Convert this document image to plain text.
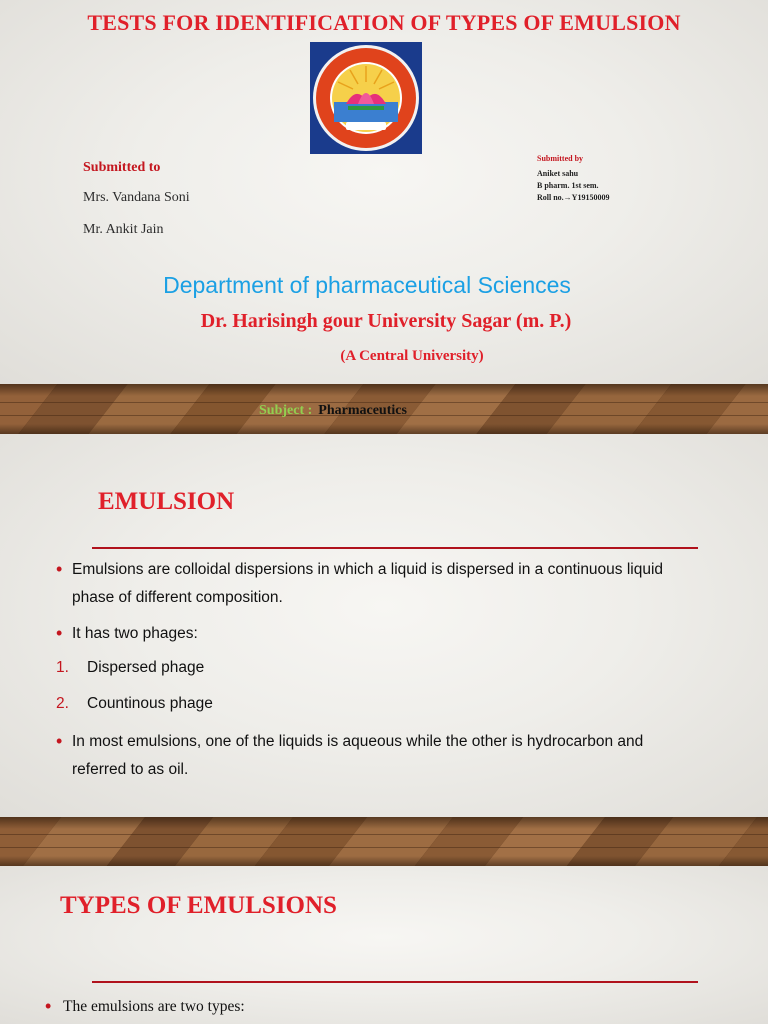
TESTS FOR IDENTIFICATION OF TYPES OF EMULSION
Submitted to
Mrs. Vandana Soni
Mr. Ankit Jain
Submitted by
Aniket sahu
B pharm. 1st sem.
Roll no.→Y19150009
Department of pharmaceutical Sciences
Dr. Harisingh gour University Sagar (m. P.)
(A Central University)
Subject : Pharmaceutics
EMULSION
• Emulsions are colloidal dispersions in which a liquid is dispersed in a continuous liquid phase of different composition.
• It has two phages:
1. Dispersed phage
2. Countinous phage
• In most emulsions, one of the liquids is aqueous while the other is hydrocarbon and referred to as oil.
TYPES OF EMULSIONS
• The emulsions are two types:
